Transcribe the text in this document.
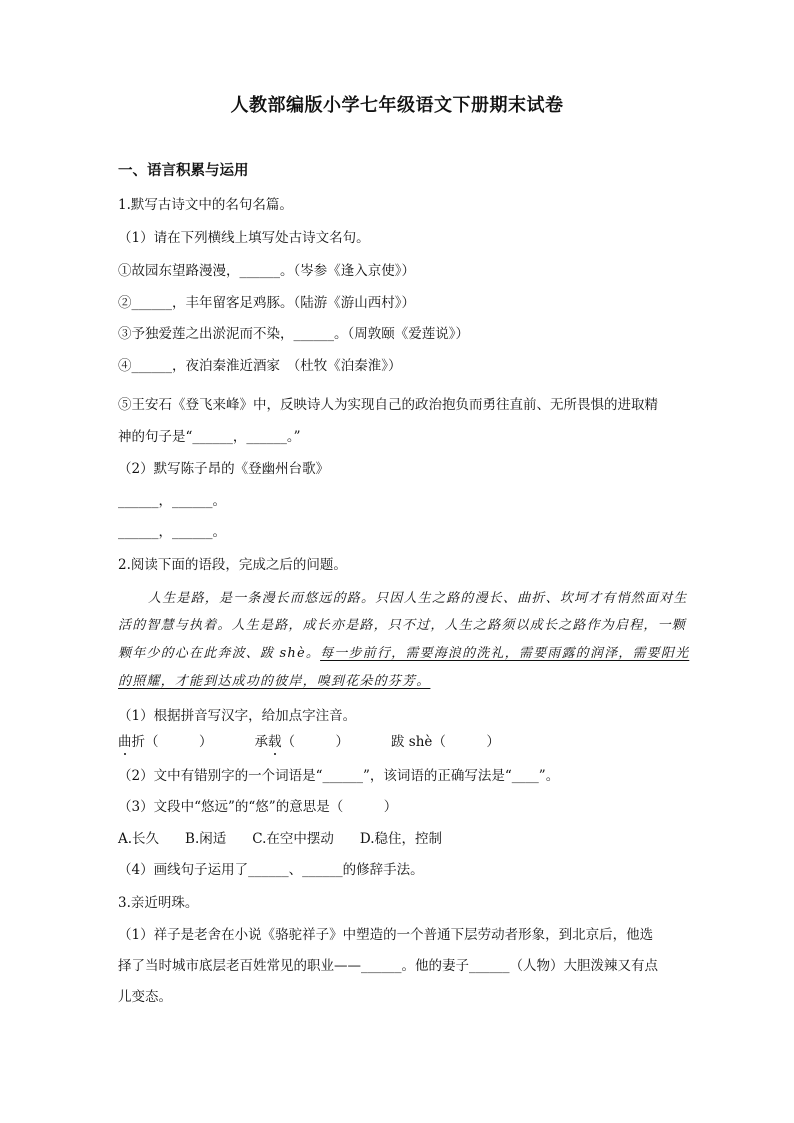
人教部编版小学七年级语文下册期末试卷
一、语言积累与运用
1.默写古诗文中的名句名篇。
（1）请在下列横线上填写处古诗文名句。
①故园东望路漫漫，______。（岑参《逢入京使》）
②______，丰年留客足鸡豚。（陆游《游山西村》）
③予独爱莲之出淤泥而不染，______。（周敦颐《爱莲说》）
④______，夜泊秦淮近酒家　（杜牧《泊秦淮》）
⑤王安石《登飞来峰》中，反映诗人为实现自己的政治抱负而勇往直前、无所畏惧的进取精
神的句子是“______，______。”
（2）默写陈子昂的《登幽州台歌》
______，______。
______，______。
2.阅读下面的语段，完成之后的问题。
人生是路，是一条漫长而悠远的路。只因人生之路的漫长、曲折、坎坷才有悄然面对生
活的智慧与执着。人生是路，成长亦是路，只不过，人生之路须以成长之路作为启程，一颗
颗年少的心在此奔波、跋 shè。每一步前行，需要海浪的洗礼，需要雨露的润泽，需要阳光
的照耀，才能到达成功的彼岸，嗅到花朵的芬芳。
（1）根据拼音写汉字，给加点字注音。
曲折（　　　）	承载（　　　）	跋 shè（　　　）
（2）文中有错别字的一个词语是“______”，该词语的正确写法是“____”。
（3）文段中“悠远”的“悠”的意思是（　　　）
A.长久 B.闲适 C.在空中摆动 D.稳住，控制
（4）画线句子运用了______、______的修辞手法。
3.亲近明珠。
（1）祥子是老舍在小说《骆驼祥子》中塑造的一个普通下层劳动者形象，到北京后，他选
择了当时城市底层老百姓常见的职业——______。他的妻子______（人物）大胆泼辣又有点
儿变态。
